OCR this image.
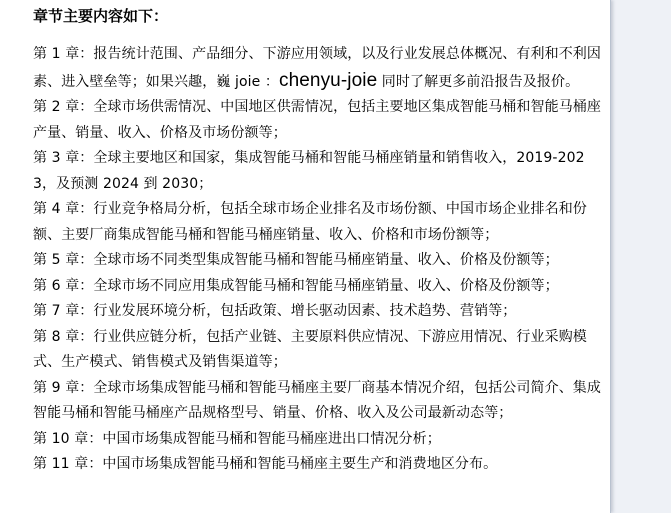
章节主要内容如下：

第 1 章：报告统计范围、产品细分、下游应用领域，以及行业发展总体概况、有利和不利因素、进入壁垒等；如果兴趣，巍 joie ：chenyu-joie 同时了解更多前沿报告及报价。

第 2 章：全球市场供需情况、中国地区供需情况，包括主要地区集成智能马桶和智能马桶座产量、销量、收入、价格及市场份额等；

第 3 章：全球主要地区和国家，集成智能马桶和智能马桶座销量和销售收入，2019-2023，及预测 2024 到 2030；

第 4 章：行业竞争格局分析，包括全球市场企业排名及市场份额、中国市场企业排名和份额、主要厂商集成智能马桶和智能马桶座销量、收入、价格和市场份额等；

第 5 章：全球市场不同类型集成智能马桶和智能马桶座销量、收入、价格及份额等；

第 6 章：全球市场不同应用集成智能马桶和智能马桶座销量、收入、价格及份额等；

第 7 章：行业发展环境分析，包括政策、增长驱动因素、技术趋势、营销等；

第 8 章：行业供应链分析，包括产业链、主要原料供应情况、下游应用情况、行业采购模式、生产模式、销售模式及销售渠道等；

第 9 章：全球市场集成智能马桶和智能马桶座主要厂商基本情况介绍，包括公司简介、集成智能马桶和智能马桶座产品规格型号、销量、价格、收入及公司最新动态等；

第 10 章：中国市场集成智能马桶和智能马桶座进出口情况分析；

第 11 章：中国市场集成智能马桶和智能马桶座主要生产和消费地区分布。
